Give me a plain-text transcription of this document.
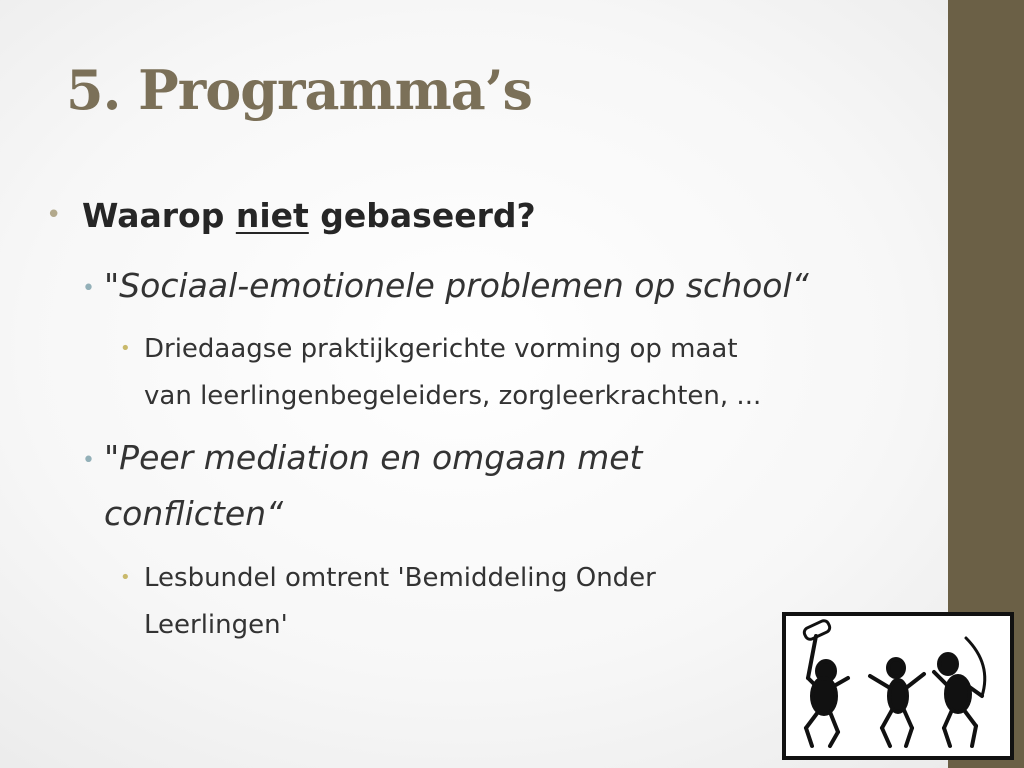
5. Programma’s
• Waarop niet gebaseerd?
• "Sociaal-emotionele problemen op school“
• Driedaagse praktijkgerichte vorming op maat
van leerlingenbegeleiders, zorgleerkrachten, ...
• "Peer mediation en omgaan met
conflicten“
• Lesbundel omtrent 'Bemiddeling Onder
Leerlingen'
